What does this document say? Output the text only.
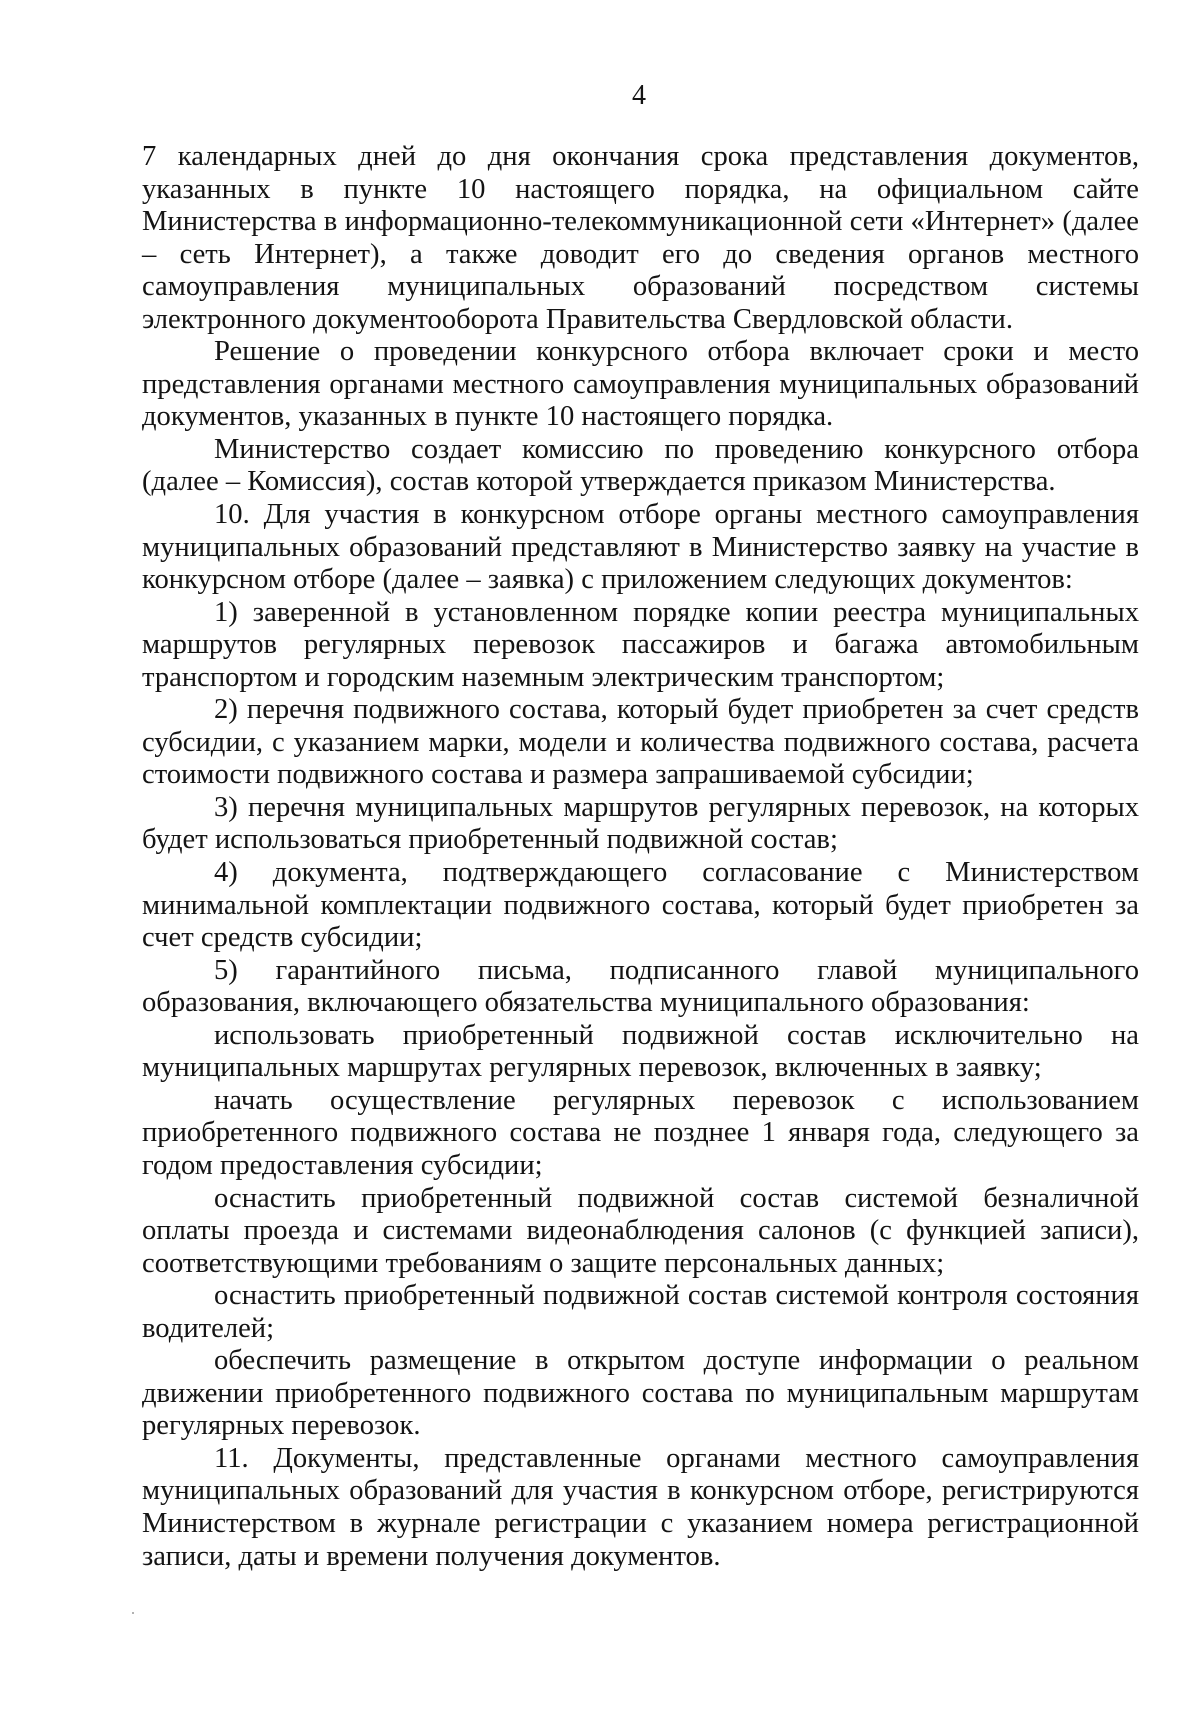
4

7 календарных дней до дня окончания срока представления документов, указанных в пункте 10 настоящего порядка, на официальном сайте Министерства в информационно-телекоммуникационной сети «Интернет» (далее – сеть Интернет), а также доводит его до сведения органов местного самоуправления муниципальных образований посредством системы электронного документооборота Правительства Свердловской области.

Решение о проведении конкурсного отбора включает сроки и место представления органами местного самоуправления муниципальных образований документов, указанных в пункте 10 настоящего порядка.

Министерство создает комиссию по проведению конкурсного отбора (далее – Комиссия), состав которой утверждается приказом Министерства.

10. Для участия в конкурсном отборе органы местного самоуправления муниципальных образований представляют в Министерство заявку на участие в конкурсном отборе (далее – заявка) с приложением следующих документов:

1) заверенной в установленном порядке копии реестра муниципальных маршрутов регулярных перевозок пассажиров и багажа автомобильным транспортом и городским наземным электрическим транспортом;

2) перечня подвижного состава, который будет приобретен за счет средств субсидии, с указанием марки, модели и количества подвижного состава, расчета стоимости подвижного состава и размера запрашиваемой субсидии;

3) перечня муниципальных маршрутов регулярных перевозок, на которых будет использоваться приобретенный подвижной состав;

4) документа, подтверждающего согласование с Министерством минимальной комплектации подвижного состава, который будет приобретен за счет средств субсидии;

5) гарантийного письма, подписанного главой муниципального образования, включающего обязательства муниципального образования:

использовать приобретенный подвижной состав исключительно на муниципальных маршрутах регулярных перевозок, включенных в заявку;

начать осуществление регулярных перевозок с использованием приобретенного подвижного состава не позднее 1 января года, следующего за годом предоставления субсидии;

оснастить приобретенный подвижной состав системой безналичной оплаты проезда и системами видеонаблюдения салонов (с функцией записи), соответствующими требованиям о защите персональных данных;

оснастить приобретенный подвижной состав системой контроля состояния водителей;

обеспечить размещение в открытом доступе информации о реальном движении приобретенного подвижного состава по муниципальным маршрутам регулярных перевозок.

11. Документы, представленные органами местного самоуправления муниципальных образований для участия в конкурсном отборе, регистрируются Министерством в журнале регистрации с указанием номера регистрационной записи, даты и времени получения документов.
